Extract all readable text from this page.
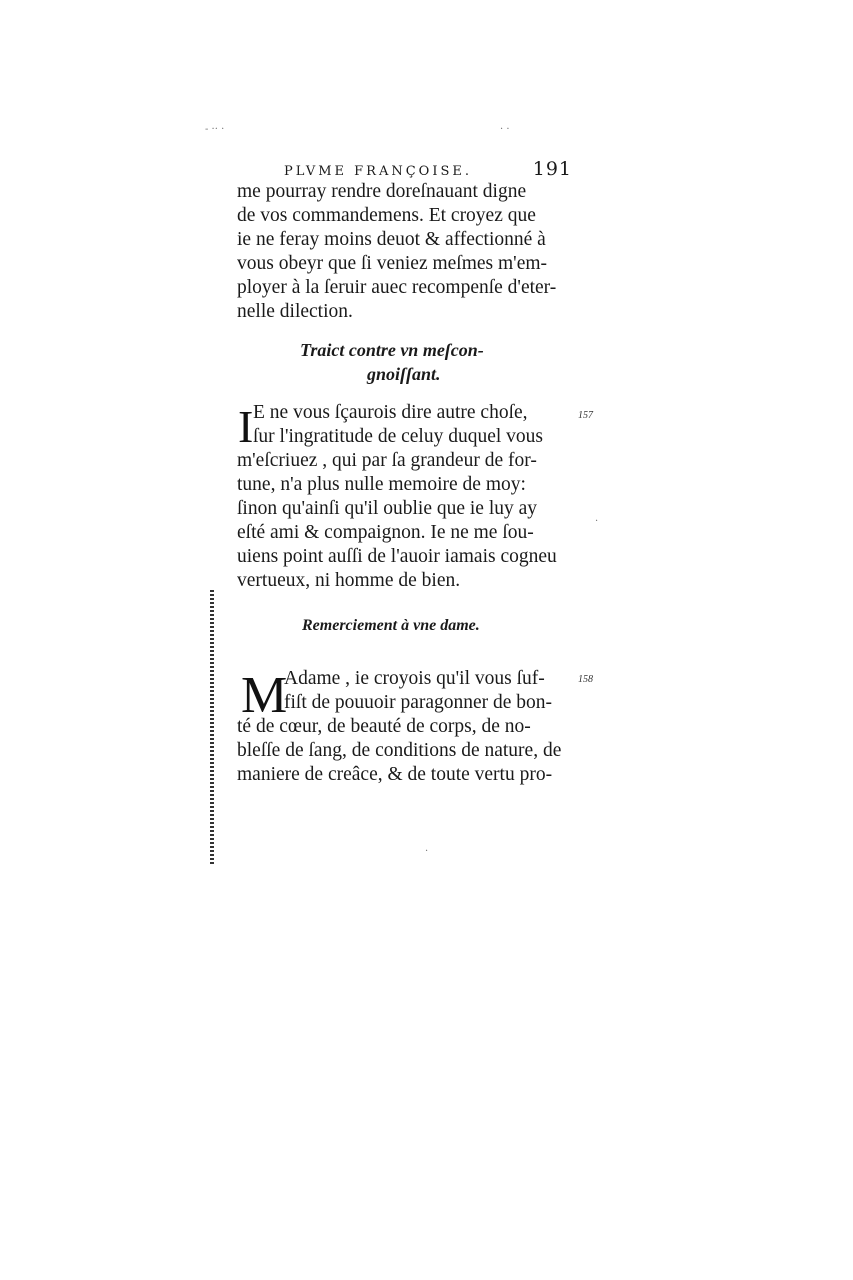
- ·· ·	· ·
·
·
PLVME FRANÇOISE.	191
me pourray rendre doreſnauant digne
de vos commandemens. Et croyez que
ie ne feray moins deuot & affectionné à
vous obeyr que ſi veniez meſmes m'em-
ployer à la ſeruir auec recompenſe d'eter-
nelle dilection.
Traict contre vn meſcon-
gnoiſſant.
I	157
E ne vous ſçaurois dire autre choſe,
ſur l'ingratitude de celuy duquel vous
m'eſcriuez , qui par ſa grandeur de for-
tune, n'a plus nulle memoire de moy:
ſinon qu'ainſi qu'il oublie que ie luy ay
eſté ami & compaignon. Ie ne me ſou-
uiens point auſſi de l'auoir iamais cogneu
vertueux, ni homme de bien.
Remerciement à vne dame.
M	158
Adame , ie croyois qu'il vous ſuf-
fiſt de pouuoir paragonner de bon-
té de cœur, de beauté de corps, de no-
bleſſe de ſang, de conditions de nature, de
maniere de creâce, & de toute vertu pro-
